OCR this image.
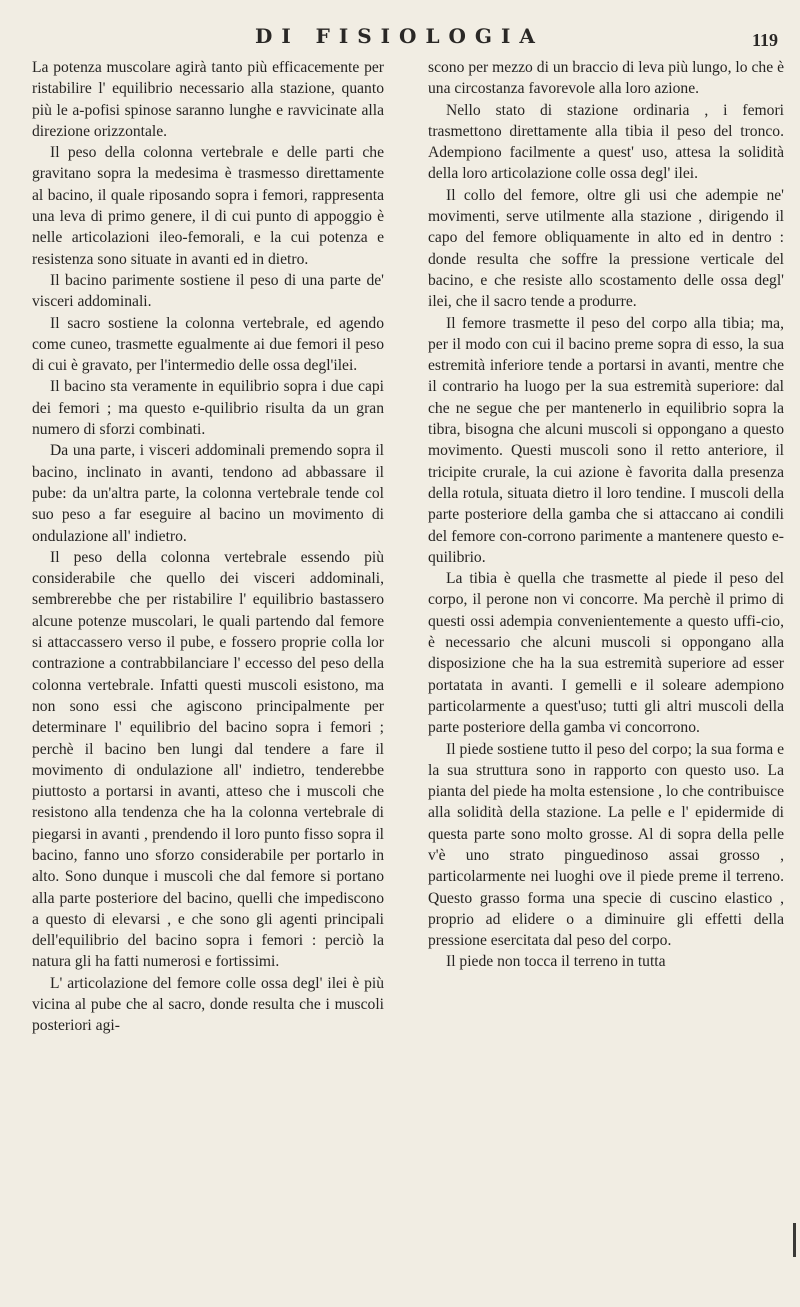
DI FISIOLOGIA	119

La potenza muscolare agirà tanto più efficacemente per ristabilire l' equilibrio necessario alla stazione, quanto più le a-pofisi spinose saranno lunghe e ravvicinate alla direzione orizzontale.

Il peso della colonna vertebrale e delle parti che gravitano sopra la medesima è trasmesso direttamente al bacino, il quale riposando sopra i femori, rappresenta una leva di primo genere, il di cui punto di appoggio è nelle articolazioni ileo-femorali, e la cui potenza e resistenza sono situate in avanti ed in dietro.

Il bacino parimente sostiene il peso di una parte de' visceri addominali.

Il sacro sostiene la colonna vertebrale, ed agendo come cuneo, trasmette egualmente ai due femori il peso di cui è gravato, per l'intermedio delle ossa degl'ilei.

Il bacino sta veramente in equilibrio sopra i due capi dei femori ; ma questo e-quilibrio risulta da un gran numero di sforzi combinati.

Da una parte, i visceri addominali premendo sopra il bacino, inclinato in avanti, tendono ad abbassare il pube: da un'altra parte, la colonna vertebrale tende col suo peso a far eseguire al bacino un movimento di ondulazione all' indietro.

Il peso della colonna vertebrale essendo più considerabile che quello dei visceri addominali, sembrerebbe che per ristabilire l' equilibrio bastassero alcune potenze muscolari, le quali partendo dal femore si attaccassero verso il pube, e fossero proprie colla lor contrazione a contrabbilanciare l' eccesso del peso della colonna vertebrale. Infatti questi muscoli esistono, ma non sono essi che agiscono principalmente per determinare l' equilibrio del bacino sopra i femori ; perchè il bacino ben lungi dal tendere a fare il movimento di ondulazione all' indietro, tenderebbe piuttosto a portarsi in avanti, atteso che i muscoli che resistono alla tendenza che ha la colonna vertebrale di piegarsi in avanti , prendendo il loro punto fisso sopra il bacino, fanno uno sforzo considerabile per portarlo in alto. Sono dunque i muscoli che dal femore si portano alla parte posteriore del bacino, quelli che impediscono a questo di elevarsi , e che sono gli agenti principali dell'equilibrio del bacino sopra i femori : perciò la natura gli ha fatti numerosi e fortissimi.

L' articolazione del femore colle ossa degl' ilei è più vicina al pube che al sacro, donde resulta che i muscoli posteriori agi-

scono per mezzo di un braccio di leva più lungo, lo che è una circostanza favorevole alla loro azione.

Nello stato di stazione ordinaria , i femori trasmettono direttamente alla tibia il peso del tronco. Adempiono facilmente a quest' uso, attesa la solidità della loro articolazione colle ossa degl' ilei.

Il collo del femore, oltre gli usi che adempie ne' movimenti, serve utilmente alla stazione , dirigendo il capo del femore obliquamente in alto ed in dentro : donde resulta che soffre la pressione verticale del bacino, e che resiste allo scostamento delle ossa degl' ilei, che il sacro tende a produrre.

Il femore trasmette il peso del corpo alla tibia; ma, per il modo con cui il bacino preme sopra di esso, la sua estremità inferiore tende a portarsi in avanti, mentre che il contrario ha luogo per la sua estremità superiore: dal che ne segue che per mantenerlo in equilibrio sopra la tibra, bisogna che alcuni muscoli si oppongano a questo movimento. Questi muscoli sono il retto anteriore, il tricipite crurale, la cui azione è favorita dalla presenza della rotula, situata dietro il loro tendine. I muscoli della parte posteriore della gamba che si attaccano ai condili del femore con-corrono parimente a mantenere questo e-quilibrio.

La tibia è quella che trasmette al piede il peso del corpo, il perone non vi concorre. Ma perchè il primo di questi ossi adempia convenientemente a questo uffi-cio, è necessario che alcuni muscoli si oppongano alla disposizione che ha la sua estremità superiore ad esser portatata in avanti. I gemelli e il soleare adempiono particolarmente a quest'uso; tutti gli altri muscoli della parte posteriore della gamba vi concorrono.

Il piede sostiene tutto il peso del corpo; la sua forma e la sua struttura sono in rapporto con questo uso. La pianta del piede ha molta estensione , lo che contribuisce alla solidità della stazione. La pelle e l' epidermide di questa parte sono molto grosse. Al di sopra della pelle v'è uno strato pinguedinoso assai grosso , particolarmente nei luoghi ove il piede preme il terreno. Questo grasso forma una specie di cuscino elastico , proprio ad elidere o a diminuire gli effetti della pressione esercitata dal peso del corpo.

Il piede non tocca il terreno in tutta
